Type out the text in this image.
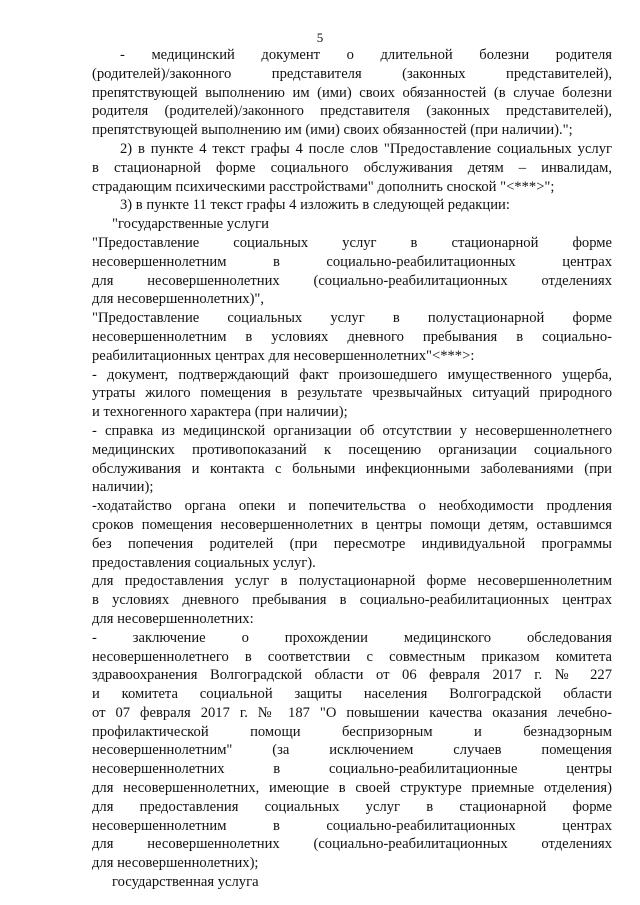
5
- медицинский документ о длительной болезни родителя
(родителей)/законного представителя (законных представителей),
препятствующей выполнению им (ими) своих обязанностей (в случае болезни
родителя (родителей)/законного представителя (законных представителей),
препятствующей выполнению им (ими) своих обязанностей (при наличии).";
2) в пункте 4 текст графы 4 после слов "Предоставление социальных услуг
в стационарной форме социального обслуживания детям – инвалидам,
страдающим психическими расстройствами" дополнить сноской "<***>";
3) в пункте 11 текст графы 4 изложить в следующей редакции:
"государственные услуги
"Предоставление социальных услуг в стационарной форме
несовершеннолетним в социально-реабилитационных центрах
для несовершеннолетних (социально-реабилитационных отделениях
для несовершеннолетних)",
"Предоставление социальных услуг в полустационарной форме
несовершеннолетним в условиях дневного пребывания в социально-
реабилитационных центрах для несовершеннолетних"<***>:
- документ, подтверждающий факт произошедшего имущественного ущерба,
утраты жилого помещения в результате чрезвычайных ситуаций природного
и техногенного характера (при наличии);
- справка из медицинской организации об отсутствии у несовершеннолетнего
медицинских противопоказаний к посещению организации социального
обслуживания и контакта с больными инфекционными заболеваниями (при
наличии);
-ходатайство органа опеки и попечительства о необходимости продления
сроков помещения несовершеннолетних в центры помощи детям, оставшимся
без попечения родителей (при пересмотре индивидуальной программы
предоставления социальных услуг).
для предоставления услуг в полустационарной форме несовершеннолетним
в условиях дневного пребывания в социально-реабилитационных центрах
для несовершеннолетних:
- заключение о прохождении медицинского обследования
несовершеннолетнего в соответствии с совместным приказом комитета
здравоохранения Волгоградской области от 06 февраля 2017 г. № 227
и комитета социальной защиты населения Волгоградской области
от 07 февраля 2017 г. № 187 "О повышении качества оказания лечебно-
профилактической помощи беспризорным и безнадзорным
несовершеннолетним" (за исключением случаев помещения
несовершеннолетних в социально-реабилитационные центры
для несовершеннолетних, имеющие в своей структуре приемные отделения)
для предоставления социальных услуг в стационарной форме
несовершеннолетним в социально-реабилитационных центрах
для несовершеннолетних (социально-реабилитационных отделениях
для несовершеннолетних);
государственная услуга
